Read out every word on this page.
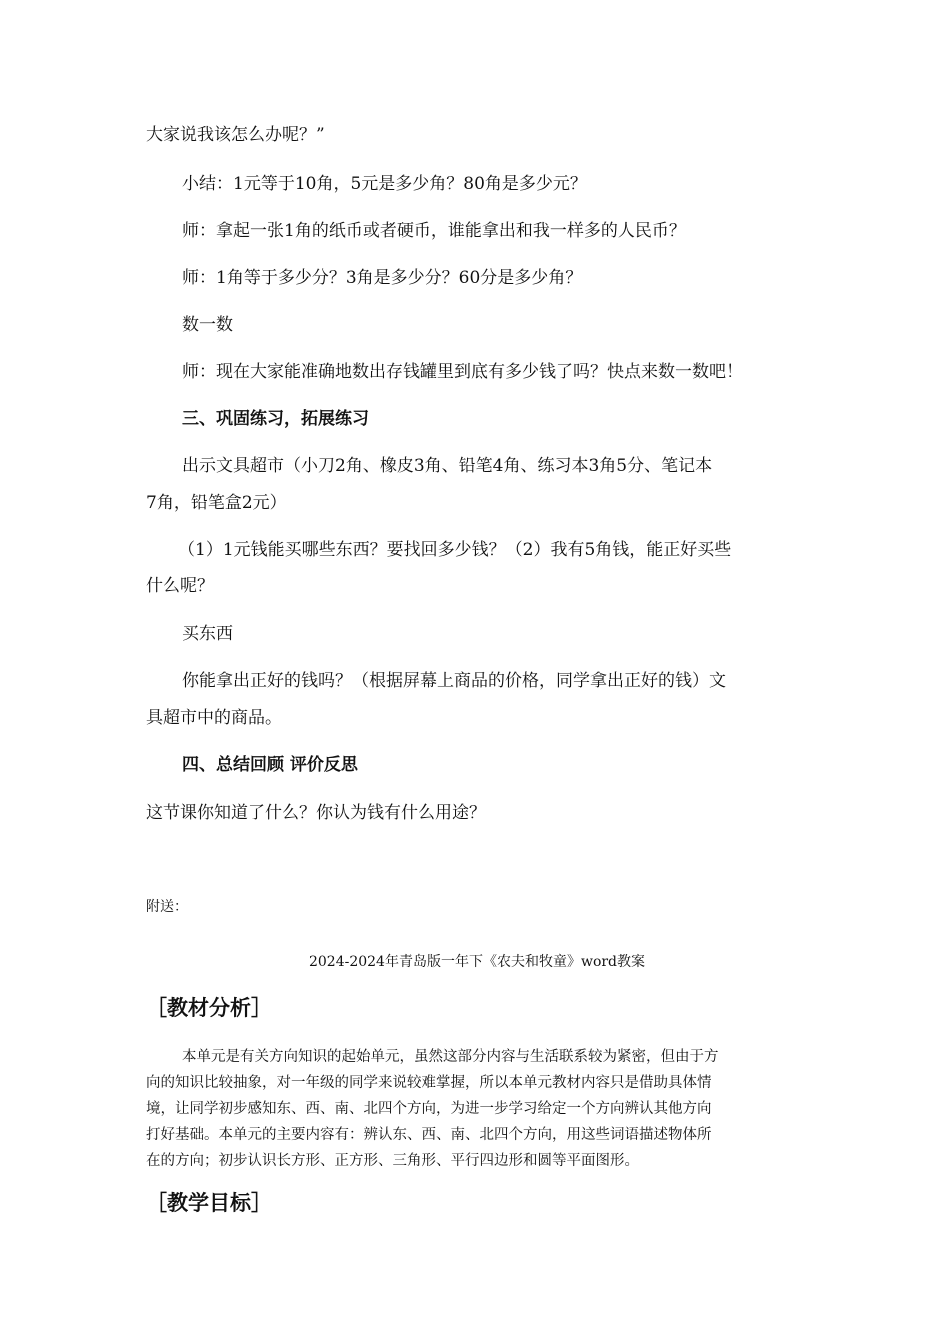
大家说我该怎么办呢？”
小结：1元等于10角，5元是多少角？80角是多少元？
师：拿起一张1角的纸币或者硬币，谁能拿出和我一样多的人民币？
师：1角等于多少分？3角是多少分？60分是多少角？
数一数
师：现在大家能准确地数出存钱罐里到底有多少钱了吗？快点来数一数吧！
三、巩固练习，拓展练习
出示文具超市（小刀2角、橡皮3角、铅笔4角、练习本3角5分、笔记本
7角，铅笔盒2元）
（1）1元钱能买哪些东西？要找回多少钱？（2）我有5角钱，能正好买些
什么呢？
买东西
你能拿出正好的钱吗？（根据屏幕上商品的价格，同学拿出正好的钱）文
具超市中的商品。
四、总结回顾 评价反思
这节课你知道了什么？你认为钱有什么用途？
附送：
2024-2024年青岛版一年下《农夫和牧童》word教案
［教材分析］
本单元是有关方向知识的起始单元，虽然这部分内容与生活联系较为紧密，但由于方
向的知识比较抽象，对一年级的同学来说较难掌握，所以本单元教材内容只是借助具体情
境，让同学初步感知东、西、南、北四个方向，为进一步学习给定一个方向辨认其他方向
打好基础。本单元的主要内容有：辨认东、西、南、北四个方向，用这些词语描述物体所
在的方向；初步认识长方形、正方形、三角形、平行四边形和圆等平面图形。
［教学目标］
